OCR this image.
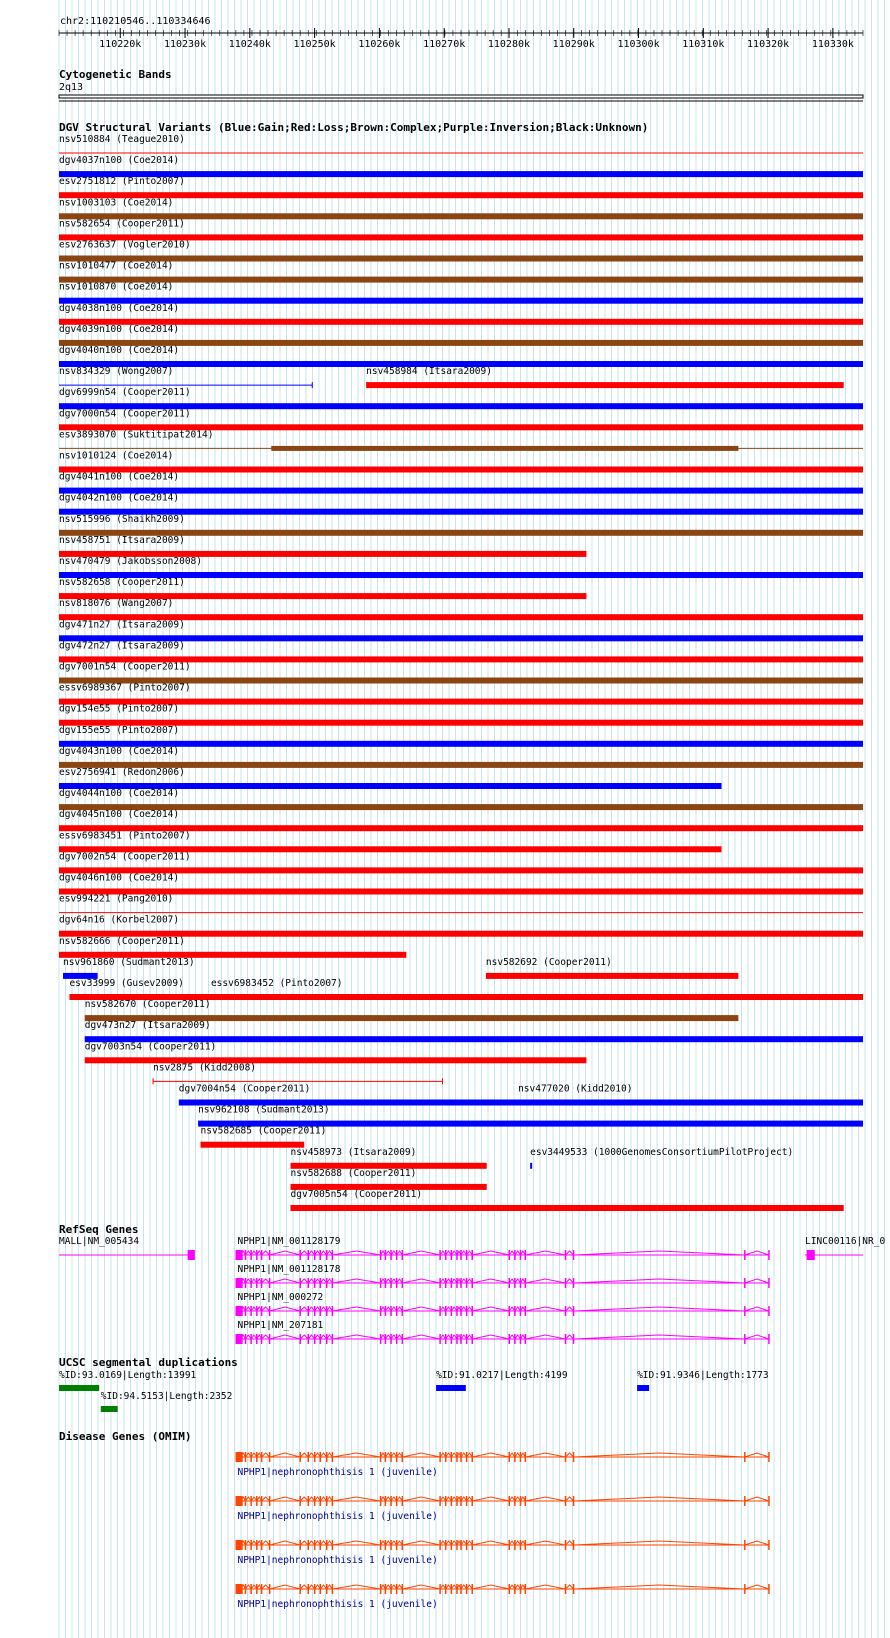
chr2:110210546..110334646
110220k 110230k 110240k 110250k 110260k 110270k 110280k 110290k 110300k 110310k 110320k 110330k
Cytogenetic Bands
2q13
DGV Structural Variants (Blue:Gain;Red:Loss;Brown:Complex;Purple:Inversion;Black:Unknown)
nsv510884 (Teague2010)
dgv4037n100 (Coe2014)
esv2751812 (Pinto2007)
nsv1003103 (Coe2014)
nsv582654 (Cooper2011)
esv2763637 (Vogler2010)
nsv1010477 (Coe2014)
nsv1010870 (Coe2014)
dgv4038n100 (Coe2014)
dgv4039n100 (Coe2014)
dgv4040n100 (Coe2014)
nsv834329 (Wong2007)	nsv458984 (Itsara2009)
dgv6999n54 (Cooper2011)
dgv7000n54 (Cooper2011)
esv3893070 (Suktitipat2014)
nsv1010124 (Coe2014)
dgv4041n100 (Coe2014)
dgv4042n100 (Coe2014)
nsv515996 (Shaikh2009)
nsv458751 (Itsara2009)
nsv470479 (Jakobsson2008)
nsv582658 (Cooper2011)
nsv818076 (Wang2007)
dgv471n27 (Itsara2009)
dgv472n27 (Itsara2009)
dgv7001n54 (Cooper2011)
essv6989367 (Pinto2007)
dgv154e55 (Pinto2007)
dgv155e55 (Pinto2007)
dgv4043n100 (Coe2014)
esv2756941 (Redon2006)
dgv4044n100 (Coe2014)
dgv4045n100 (Coe2014)
essv6983451 (Pinto2007)
dgv7002n54 (Cooper2011)
dgv4046n100 (Coe2014)
esv994221 (Pang2010)
dgv64n16 (Korbel2007)
nsv582666 (Cooper2011)
nsv582692 (Cooper2011)
nsv961860 (Sudmant2013)
essv6983452 (Pinto2007)
esv33999 (Gusev2009)
nsv582670 (Cooper2011)
dgv473n27 (Itsara2009)
dgv7003n54 (Cooper2011)
nsv2875 (Kidd2008)
nsv477020 (Kidd2010)
dgv7004n54 (Cooper2011)
nsv962108 (Sudmant2013)
nsv582685 (Cooper2011)
esv3449533 (1000GenomesConsortiumPilotProject)
nsv458973 (Itsara2009)
nsv582688 (Cooper2011)
dgv7005n54 (Cooper2011)
RefSeq Genes
MALL|NM_005434	NPHP1|NM_001128179	LINC00116|NR_0
NPHP1|NM_001128178
NPHP1|NM_000272
NPHP1|NM_207181
UCSC segmental duplications
%ID:93.0169|Length:13991	%ID:91.0217|Length:4199	%ID:91.9346|Length:1773
%ID:94.5153|Length:2352
Disease Genes (OMIM)
NPHP1|nephronophthisis 1 (juvenile)
NPHP1|nephronophthisis 1 (juvenile)
NPHP1|nephronophthisis 1 (juvenile)
NPHP1|nephronophthisis 1 (juvenile)
